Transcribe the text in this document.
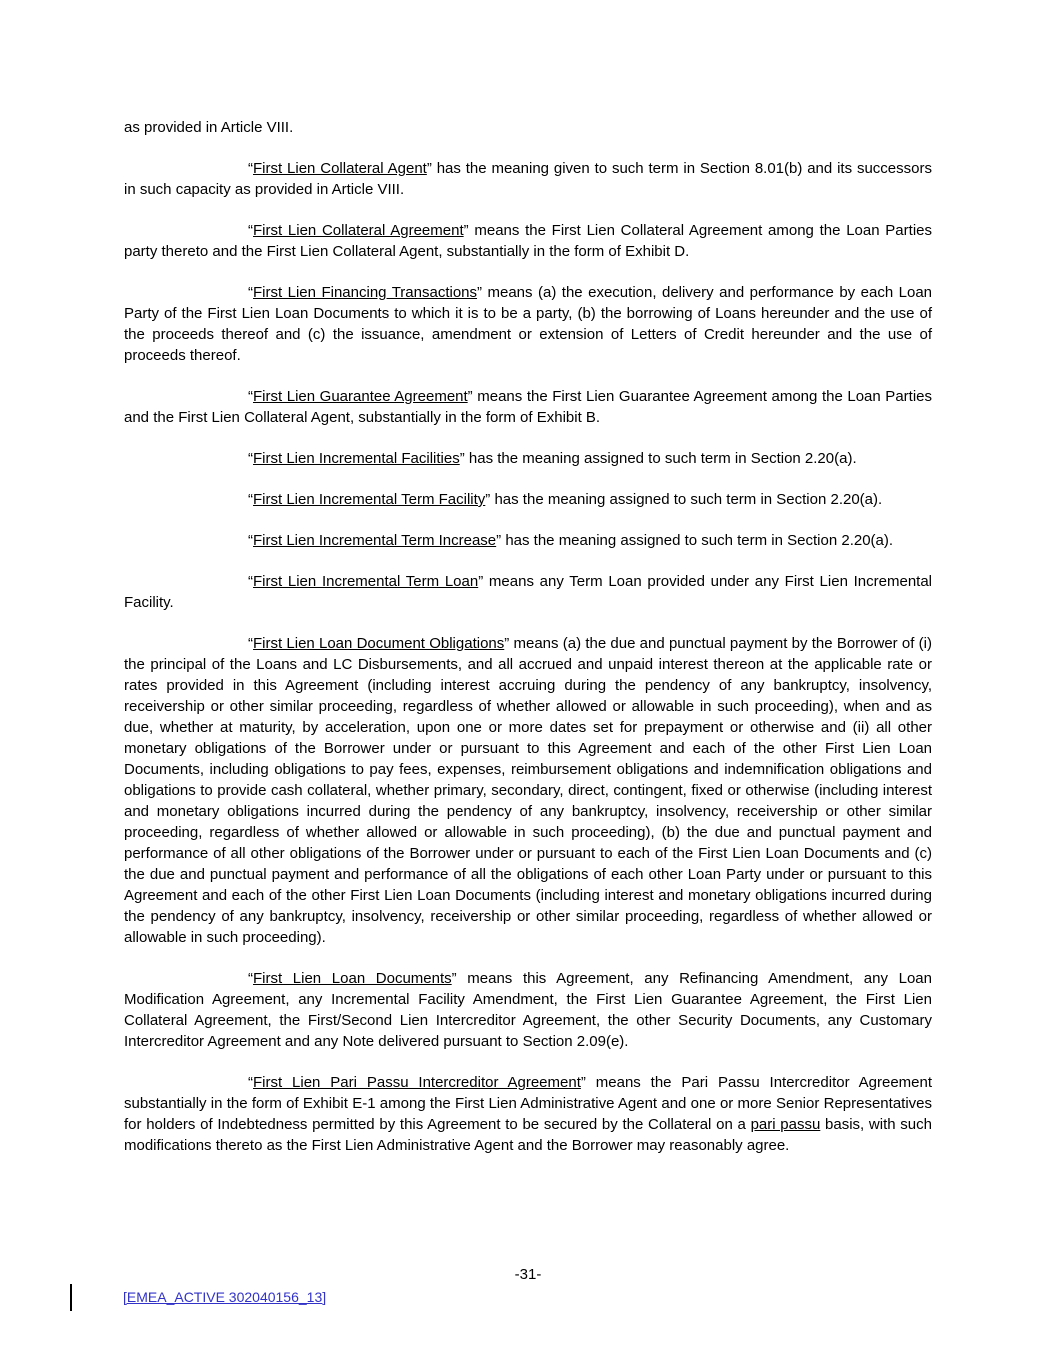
as provided in Article VIII.

“First Lien Collateral Agent” has the meaning given to such term in Section 8.01(b) and its successors in such capacity as provided in Article VIII.

“First Lien Collateral Agreement” means the First Lien Collateral Agreement among the Loan Parties party thereto and the First Lien Collateral Agent, substantially in the form of Exhibit D.

“First Lien Financing Transactions” means (a) the execution, delivery and performance by each Loan Party of the First Lien Loan Documents to which it is to be a party, (b) the borrowing of Loans hereunder and the use of the proceeds thereof and (c) the issuance, amendment or extension of Letters of Credit hereunder and the use of proceeds thereof.

“First Lien Guarantee Agreement” means the First Lien Guarantee Agreement among the Loan Parties and the First Lien Collateral Agent, substantially in the form of Exhibit B.

“First Lien Incremental Facilities” has the meaning assigned to such term in Section 2.20(a).

“First Lien Incremental Term Facility” has the meaning assigned to such term in Section 2.20(a).

“First Lien Incremental Term Increase” has the meaning assigned to such term in Section 2.20(a).

“First Lien Incremental Term Loan” means any Term Loan provided under any First Lien Incremental Facility.

“First Lien Loan Document Obligations” means (a) the due and punctual payment by the Borrower of (i) the principal of the Loans and LC Disbursements, and all accrued and unpaid interest thereon at the applicable rate or rates provided in this Agreement (including interest accruing during the pendency of any bankruptcy, insolvency, receivership or other similar proceeding, regardless of whether allowed or allowable in such proceeding), when and as due, whether at maturity, by acceleration, upon one or more dates set for prepayment or otherwise and (ii) all other monetary obligations of the Borrower under or pursuant to this Agreement and each of the other First Lien Loan Documents, including obligations to pay fees, expenses, reimbursement obligations and indemnification obligations and obligations to provide cash collateral, whether primary, secondary, direct, contingent, fixed or otherwise (including interest and monetary obligations incurred during the pendency of any bankruptcy, insolvency, receivership or other similar proceeding, regardless of whether allowed or allowable in such proceeding), (b) the due and punctual payment and performance of all other obligations of the Borrower under or pursuant to each of the First Lien Loan Documents and (c) the due and punctual payment and performance of all the obligations of each other Loan Party under or pursuant to this Agreement and each of the other First Lien Loan Documents (including interest and monetary obligations incurred during the pendency of any bankruptcy, insolvency, receivership or other similar proceeding, regardless of whether allowed or allowable in such proceeding).

“First Lien Loan Documents” means this Agreement, any Refinancing Amendment, any Loan Modification Agreement, any Incremental Facility Amendment, the First Lien Guarantee Agreement, the First Lien Collateral Agreement, the First/Second Lien Intercreditor Agreement, the other Security Documents, any Customary Intercreditor Agreement and any Note delivered pursuant to Section 2.09(e).

“First Lien Pari Passu Intercreditor Agreement” means the Pari Passu Intercreditor Agreement substantially in the form of Exhibit E-1 among the First Lien Administrative Agent and one or more Senior Representatives for holders of Indebtedness permitted by this Agreement to be secured by the Collateral on a pari passu basis, with such modifications thereto as the First Lien Administrative Agent and the Borrower may reasonably agree.

-31-
[EMEA_ACTIVE 302040156_13]
